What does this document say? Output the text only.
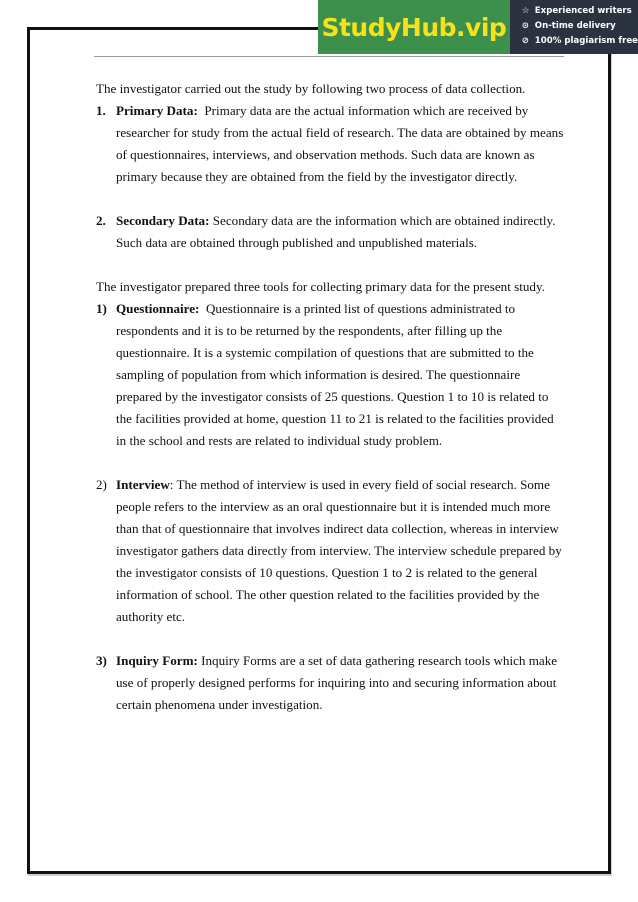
StudyHub.vip
☆ Experienced writers
⊙ On-time delivery
⊘ 100% plagiarism free

The investigator carried out the study by following two process of data collection.

1. Primary Data: Primary data are the actual information which are received by researcher for study from the actual field of research. The data are obtained by means of questionnaires, interviews, and observation methods. Such data are known as primary because they are obtained from the field by the investigator directly.
2. Secondary Data: Secondary data are the information which are obtained indirectly. Such data are obtained through published and unpublished materials.

The investigator prepared three tools for collecting primary data for the present study.

1) Questionnaire: Questionnaire is a printed list of questions administrated to respondents and it is to be returned by the respondents, after filling up the questionnaire. It is a systemic compilation of questions that are submitted to the sampling of population from which information is desired. The questionnaire prepared by the investigator consists of 25 questions. Question 1 to 10 is related to the facilities provided at home, question 11 to 21 is related to the facilities provided in the school and rests are related to individual study problem.
2) Interview: The method of interview is used in every field of social research. Some people refers to the interview as an oral questionnaire but it is intended much more than that of questionnaire that involves indirect data collection, whereas in interview investigator gathers data directly from interview. The interview schedule prepared by the investigator consists of 10 questions. Question 1 to 2 is related to the general information of school. The other question related to the facilities provided by the authority etc.
3) Inquiry Form: Inquiry Forms are a set of data gathering research tools which make use of properly designed performs for inquiring into and securing information about certain phenomena under investigation.
